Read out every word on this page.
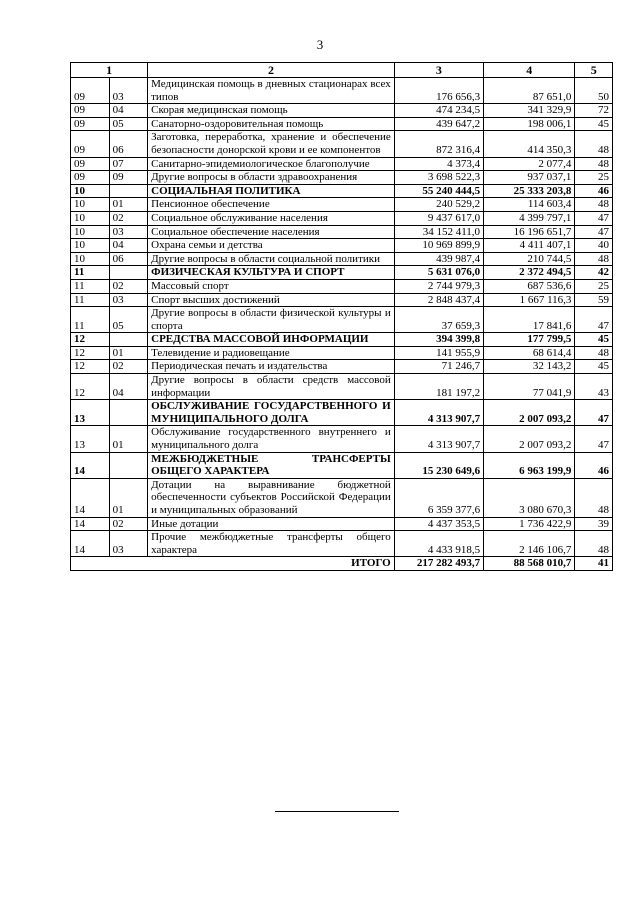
3
1		2	3	4	5
09	03	Медицинская помощь в дневных стационарах всех типов	176 656,3	87 651,0	50
09	04	Скорая медицинская помощь	474 234,5	341 329,9	72
09	05	Санаторно-оздоровительная помощь	439 647,2	198 006,1	45
09	06	Заготовка, переработка, хранение и обеспечение безопасности донорской крови и ее компонентов	872 316,4	414 350,3	48
09	07	Санитарно-эпидемиологическое благополучие	4 373,4	2 077,4	48
09	09	Другие вопросы в области здравоохранения	3 698 522,3	937 037,1	25
10		СОЦИАЛЬНАЯ ПОЛИТИКА	55 240 444,5	25 333 203,8	46
10	01	Пенсионное обеспечение	240 529,2	114 603,4	48
10	02	Социальное обслуживание населения	9 437 617,0	4 399 797,1	47
10	03	Социальное обеспечение населения	34 152 411,0	16 196 651,7	47
10	04	Охрана семьи и детства	10 969 899,9	4 411 407,1	40
10	06	Другие вопросы в области социальной политики	439 987,4	210 744,5	48
11		ФИЗИЧЕСКАЯ КУЛЬТУРА И СПОРТ	5 631 076,0	2 372 494,5	42
11	02	Массовый спорт	2 744 979,3	687 536,6	25
11	03	Спорт высших достижений	2 848 437,4	1 667 116,3	59
11	05	Другие вопросы в области физической культуры и спорта	37 659,3	17 841,6	47
12		СРЕДСТВА МАССОВОЙ ИНФОРМАЦИИ	394 399,8	177 799,5	45
12	01	Телевидение и радиовещание	141 955,9	68 614,4	48
12	02	Периодическая печать и издательства	71 246,7	32 143,2	45
12	04	Другие вопросы в области средств массовой информации	181 197,2	77 041,9	43
13		ОБСЛУЖИВАНИЕ ГОСУДАРСТВЕННОГО И МУНИЦИПАЛЬНОГО ДОЛГА	4 313 907,7	2 007 093,2	47
13	01	Обслуживание государственного внутреннего и муниципального долга	4 313 907,7	2 007 093,2	47
14		МЕЖБЮДЖЕТНЫЕ ТРАНСФЕРТЫ ОБЩЕГО ХАРАКТЕРА	15 230 649,6	6 963 199,9	46
14	01	Дотации на выравнивание бюджетной обеспеченности субъектов Российской Федерации и муниципальных образований	6 359 377,6	3 080 670,3	48
14	02	Иные дотации	4 437 353,5	1 736 422,9	39
14	03	Прочие межбюджетные трансферты общего характера	4 433 918,5	2 146 106,7	48
ИТОГО			217 282 493,7	88 568 010,7	41
